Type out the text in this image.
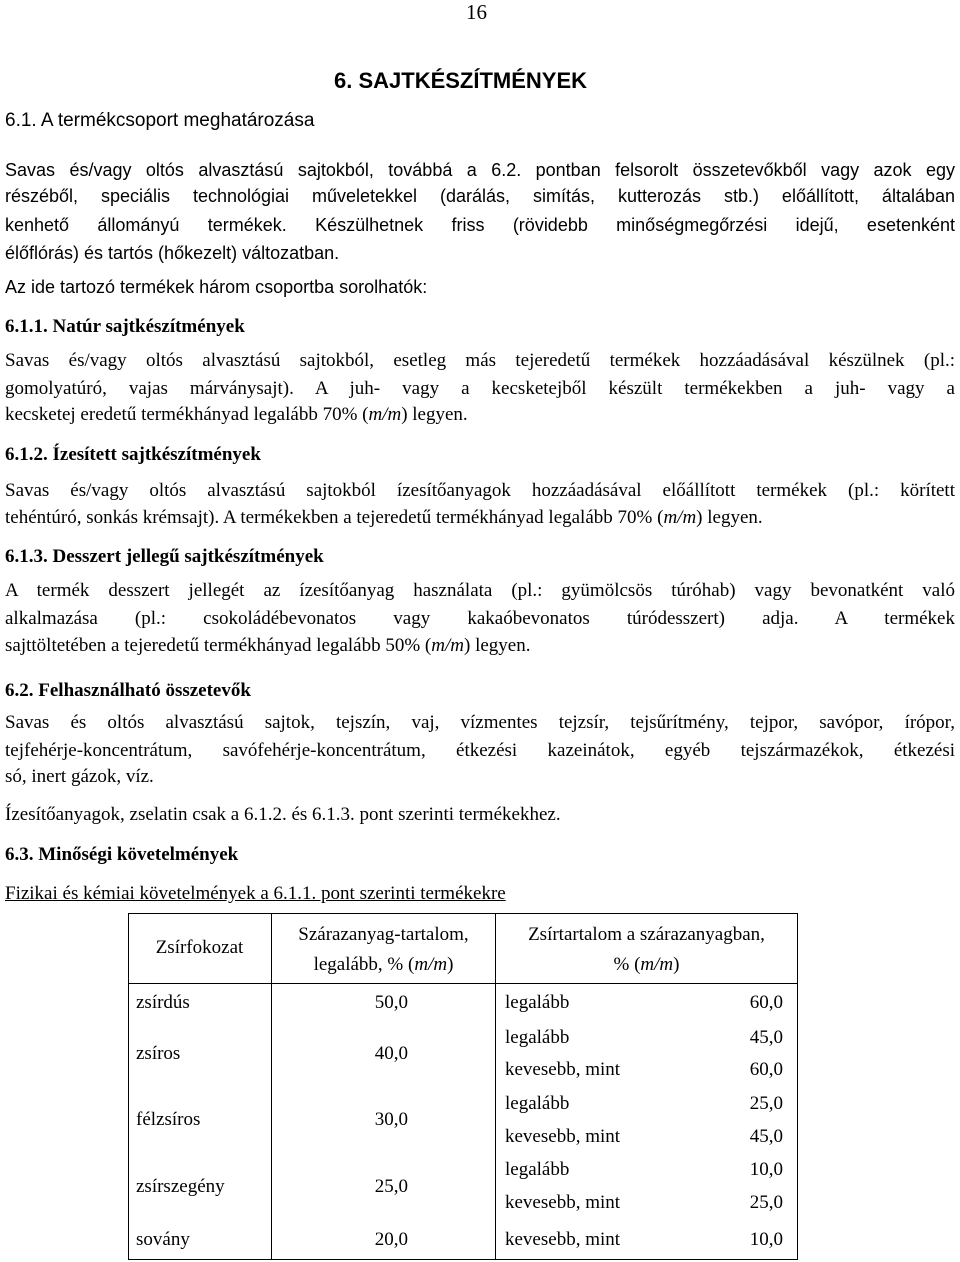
16
6. SAJTKÉSZÍTMÉNYEK
6.1. A termékcsoport meghatározása
Savas és/vagy oltós alvasztású sajtokból, továbbá a 6.2. pontban felsorolt összetevőkből vagy azok egy
részéből, speciális technológiai műveletekkel (darálás, simítás, kutterozás stb.) előállított, általában
kenhető állományú termékek. Készülhetnek friss (rövidebb minőségmegőrzési idejű, esetenként
élőflórás) és tartós (hőkezelt) változatban.
Az ide tartozó termékek három csoportba sorolhatók:
6.1.1. Natúr sajtkészítmények
Savas és/vagy oltós alvasztású sajtokból, esetleg más tejeredetű termékek hozzáadásával készülnek (pl.:
gomolyatúró, vajas márványsajt). A juh- vagy a kecsketejből készült termékekben a juh- vagy a
kecsketej eredetű termékhányad legalább 70% (m/m) legyen.
6.1.2. Ízesített sajtkészítmények
Savas és/vagy oltós alvasztású sajtokból ízesítőanyagok hozzáadásával előállított termékek (pl.: körített
tehéntúró, sonkás krémsajt). A termékekben a tejeredetű termékhányad legalább 70% (m/m) legyen.
6.1.3. Desszert jellegű sajtkészítmények
A termék desszert jellegét az ízesítőanyag használata (pl.: gyümölcsös túróhab) vagy bevonatként való
alkalmazása (pl.: csokoládébevonatos vagy kakaóbevonatos túródesszert) adja. A termékek
sajttöltetében a tejeredetű termékhányad legalább 50% (m/m) legyen.
6.2. Felhasználható összetevők
Savas és oltós alvasztású sajtok, tejszín, vaj, vízmentes tejzsír, tejsűrítmény, tejpor, savópor, írópor,
tejfehérje-koncentrátum, savófehérje-koncentrátum, étkezési kazeinátok, egyéb tejszármazékok, étkezési
só, inert gázok, víz.
Ízesítőanyagok, zselatin csak a 6.1.2. és 6.1.3. pont szerinti termékekhez.
6.3. Minőségi követelmények
Fizikai és kémiai követelmények a 6.1.1. pont szerinti termékekre
Zsírfokozat
Szárazanyag-tartalom,
legalább, % (m/m)
Zsírtartalom a szárazanyagban,
% (m/m)
zsírdús	50,0	legalább	60,0
zsíros	40,0
legalább	45,0
kevesebb, mint	60,0
félzsíros	30,0
legalább	25,0
kevesebb, mint	45,0
zsírszegény	25,0
legalább	10,0
kevesebb, mint	25,0
sovány	20,0	kevesebb, mint	10,0
